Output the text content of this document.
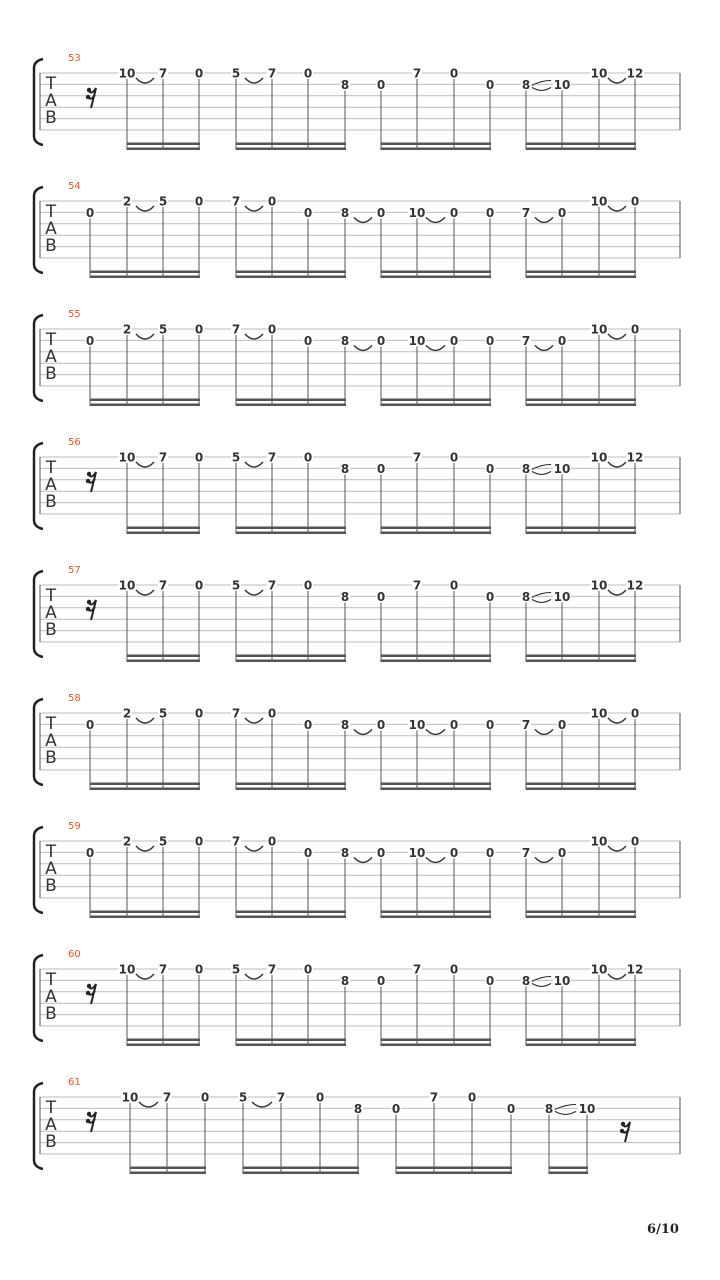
53
T
A
B
10 7 0 5 7 0
8 0
7 0
0 8 10
10 12
54
T
A
B
0
2 5 0 7 0
0 8 0 10 0 0 7 0
10 0
55
T
A
B
0
2 5 0 7 0
0 8 0 10 0 0 7 0
10 0
56
T
A
B
10 7 0 5 7 0
8 0
7 0
0 8 10
10 12
57
T
A
B
10 7 0 5 7 0
8 0
7 0
0 8 10
10 12
58
T
A
B
0
2 5 0 7 0
0 8 0 10 0 0 7 0
10 0
59
T
A
B
0
2 5 0 7 0
0 8 0 10 0 0 7 0
10 0
60
T
A
B
10 7 0 5 7 0
8 0
7 0
0 8 10
10 12
61
T
A
B
10 7 0 5 7	0
8 0
7 0
0 8 10
6/10
